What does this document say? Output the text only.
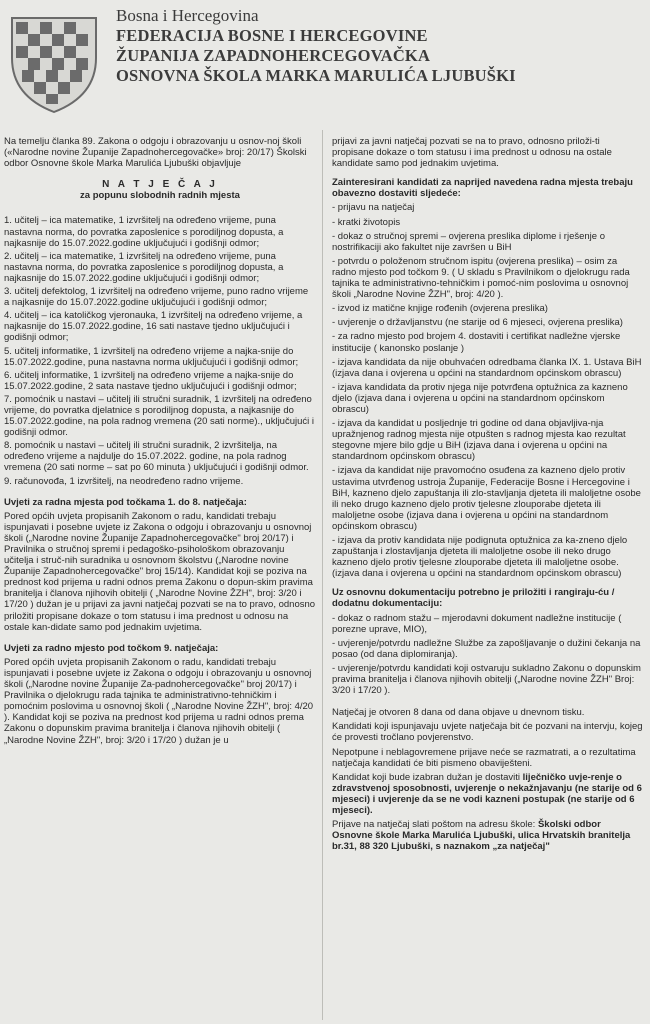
Bosna i Hercegovina
FEDERACIJA BOSNE I HERCEGOVINE
ŽUPANIJA ZAPADNOHERCEGOVAČKA
OSNOVNA ŠKOLA MARKA MARULIĆA LJUBUŠKI

Na temelju članka 89. Zakona o odgoju i obrazovanju u osnov-noj školi («Narodne novine Županije Zapadnohercegovačke» broj: 20/17) Školski odbor Osnovne škole Marka Marulića Ljubuški objavljuje

N A T J E Č A J
za popunu slobodnih radnih mjesta

1. učitelj – ica matematike, 1 izvršitelj na određeno vrijeme, puna nastavna norma, do povratka zaposlenice s porodiljnog dopusta, a najkasnije do 15.07.2022.godine uključujući i godišnji odmor;

2. učitelj – ica matematike, 1 izvršitelj na određeno vrijeme, puna nastavna norma, do povratka zaposlenice s porodiljnog dopusta, a najkasnije do 15.07.2022.godine uključujući i godišnji odmor;

3. učitelj defektolog, 1 izvršitelj na određeno vrijeme, puno radno vrijeme a najkasnije do 15.07.2022.godine uključujući i godišnji odmor;

4. učitelj – ica katoličkog vjeronauka, 1 izvršitelj na određeno vrijeme, a najkasnije do 15.07.2022.godine, 16 sati nastave tjedno uključujući i godišnji odmor;

5. učitelj informatike, 1 izvršitelj na određeno vrijeme a najka-snije do 15.07.2022.godine, puna nastavna norma uključujući i godišnji odmor;

6. učitelj informatike, 1 izvršitelj na određeno vrijeme a najka-snije do 15.07.2022.godine, 2 sata nastave tjedno uključujući i godišnji odmor;

7. pomoćnik u nastavi – učitelj ili stručni suradnik, 1 izvršitelj na određeno vrijeme, do povratka djelatnice s porodiljnog dopusta, a najkasnije do 15.07.2022.godine, na pola radnog vremena (20 sati norme)., uključujući i godišnji odmor.

8. pomoćnik u nastavi – učitelj ili stručni suradnik, 2 izvršitelja, na određeno vrijeme a najdulje do 15.07.2022. godine, na pola radnog vremena (20 sati norme – sat po 60 minuta ) uključujući i godišnji odmor.

9. računovođa, 1 izvršitelj, na neodređeno radno vrijeme.

Uvjeti za radna mjesta pod točkama 1. do 8. natječaja:

Pored općih uvjeta propisanih Zakonom o radu, kandidati trebaju ispunjavati i posebne uvjete iz Zakona o odgoju i obrazovanju u osnovnoj školi („Narodne novine Županije Zapadnohercegovačke" broj 20/17) i Pravilnika o stručnoj spremi i pedagoško-psihološkom obrazovanju učitelja i struč-nih suradnika u osnovnom školstvu („Narodne novine Županije Zapadnohercegovačke" broj 15/14). Kandidat koji se poziva na prednost kod prijema u radni odnos prema Zakonu o dopun-skim pravima branitelja i članova njihovih obitelji ( „Narodne Novine ŽZH", broj: 3/20 i 17/20 ) dužan je u prijavi za javni natječaj pozvati se na to pravo, odnosno priložiti propisane dokaze o tom statusu i ima prednost u odnosu na ostale kan-didate samo pod jednakim uvjetima.

Uvjeti za radno mjesto pod točkom 9. natječaja:

Pored općih uvjeta propisanih Zakonom o radu, kandidati trebaju ispunjavati i posebne uvjete iz Zakona o odgoju i obrazovanju u osnovnoj školi („Narodne novine Županije Za-padnohercegovačke" broj 20/17) i Pravilnika o djelokrugu rada tajnika te administrativno-tehničkim i pomoćnim poslovima u osnovnoj školi ( „Narodne Novine ŽZH", broj: 4/20 ). Kandidat koji se poziva na prednost kod prijema u radni odnos prema Zakonu o dopunskim pravima branitelja i članova njihovih obitelji ( „Narodne Novine ŽZH", broj: 3/20 i 17/20 ) dužan je u

prijavi za javni natječaj pozvati se na to pravo, odnosno priloži-ti propisane dokaze o tom statusu i ima prednost u odnosu na ostale kandidate samo pod jednakim uvjetima.

Zainteresirani kandidati za naprijed navedena radna mjesta trebaju obavezno dostaviti sljedeće:

- prijavu na natječaj

- kratki životopis

- dokaz o stručnoj spremi – ovjerena preslika diplome i rješenje o nostrifikaciji ako fakultet nije završen u BiH

- potvrdu o položenom stručnom ispitu (ovjerena preslika) – osim za radno mjesto pod točkom 9. ( U skladu s Pravilnikom o djelokrugu rada tajnika te administrativno-tehničkim i pomoć-nim poslovima u osnovnoj školi „Narodne Novine ŽZH", broj: 4/20 ).

- izvod iz matične knjige rođenih (ovjerena preslika)

- uvjerenje o državljanstvu (ne starije od 6 mjeseci, ovjerena preslika)

- za radno mjesto pod brojem 4. dostaviti i certifikat nadležne vjerske institucije ( kanonsko poslanje )

- izjava kandidata da nije obuhvaćen odredbama članka IX. 1. Ustava BiH (izjava dana i ovjerena u općini na standardnom općinskom obrascu)

- izjava kandidata da protiv njega nije potvrđena optužnica za kazneno djelo (izjava dana i ovjerena u općini na standardnom općinskom obrascu)

- izjava da kandidat u posljednje tri godine od dana objavljiva-nja upražnjenog radnog mjesta nije otpušten s radnog mjesta kao rezultat stegovne mjere bilo gdje u BiH (izjava dana i ovjerena u općini na standardnom općinskom obrascu)

- izjava da kandidat nije pravomoćno osuđena za kazneno djelo protiv ustavima utvrđenog ustroja Županije, Federacije Bosne i Hercegovine i BiH, kazneno djelo zapuštanja ili zlo-stavljanja djeteta ili maloljetne osobe ili neko drugo kazneno djelo protiv tjelesne zlouporabe djeteta ili maloljetne osobe (izjava dana i ovjerena u općini na standardnom općinskom obrascu)

- izjava da protiv kandidata nije podignuta optužnica za ka-zneno djelo zapuštanja i zlostavljanja djeteta ili maloljetne osobe ili neko drugo kazneno djelo protiv tjelesne zlouporabe djeteta ili maloljetne osobe. (izjava dana i ovjerena u općini na standardnom općinskom obrascu)

Uz osnovnu dokumentaciju potrebno je priložiti i rangiraju-ću / dodatnu dokumentaciju:

- dokaz o radnom stažu – mjerodavni dokument nadležne institucije ( porezne uprave, MIO),

- uvjerenje/potvrdu nadležne Službe za zapošljavanje o dužini čekanja na posao (od dana diplomiranja).

- uvjerenje/potvrdu kandidati koji ostvaruju sukladno Zakonu o dopunskim pravima branitelja i članova njihovih obitelji („Narodne novine ŽZH" Broj: 3/20 i 17/20 ).

Natječaj je otvoren 8 dana od dana objave u dnevnom tisku.

Kandidati koji ispunjavaju uvjete natječaja bit će pozvani na intervju, kojeg će provesti tročlano povjerenstvo.

Nepotpune i neblagovremene prijave neće se razmatrati, a o rezultatima natječaja kandidati će biti pismeno obaviješteni.

Kandidat koji bude izabran dužan je dostaviti liječničko uvje-renje o zdravstvenoj sposobnosti, uvjerenje o nekažnjavanju (ne starije od 6 mjeseci) i uvjerenje da se ne vodi kazneni postupak (ne starije od 6 mjeseci).

Prijave na natječaj slati poštom na adresu škole: Školski odbor Osnovne škole Marka Marulića Ljubuški, ulica Hrvatskih branitelja br.31, 88 320 Ljubuški, s naznakom „za natječaj"
